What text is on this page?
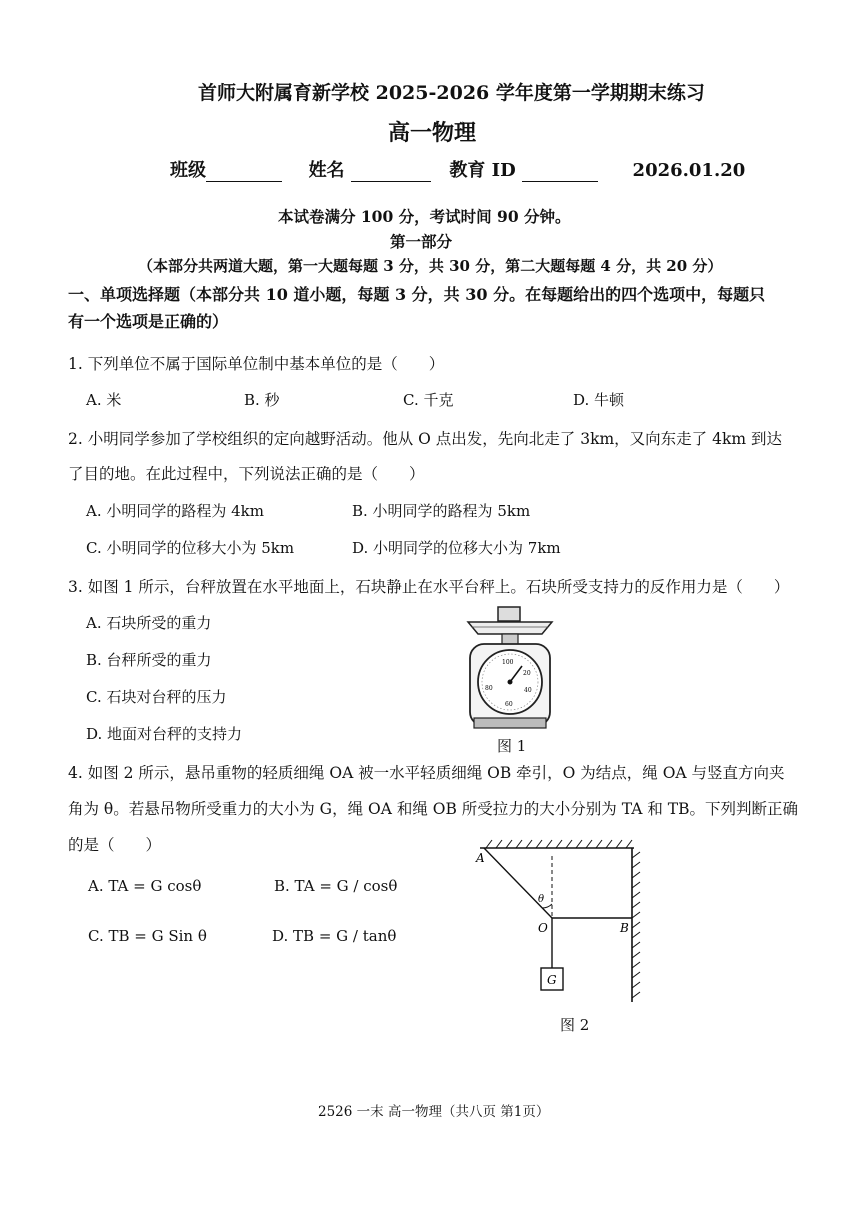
首师大附属育新学校 2025-2026 学年度第一学期期末练习
高一物理
班级	姓名	教育 ID	2026.01.20
本试卷满分 100 分，考试时间 90 分钟。
第一部分
（本部分共两道大题，第一大题每题 3 分，共 30 分，第二大题每题 4 分，共 20 分）
一、单项选择题（本部分共 10 道小题，每题 3 分，共 30 分。在每题给出的四个选项中，每题只
有一个选项是正确的）
1. 下列单位不属于国际单位制中基本单位的是（　　）
A. 米	B. 秒	C. 千克	D. 牛顿
2. 小明同学参加了学校组织的定向越野活动。他从 O 点出发，先向北走了 3km，又向东走了 4km 到达
了目的地。在此过程中，下列说法正确的是（　　）
A. 小明同学的路程为 4km	B. 小明同学的路程为 5km
C. 小明同学的位移大小为 5km	D. 小明同学的位移大小为 7km
3. 如图 1 所示，台秤放置在水平地面上，石块静止在水平台秤上。石块所受支持力的反作用力是（　　）
A. 石块所受的重力
B. 台秤所受的重力
C. 石块对台秤的压力
D. 地面对台秤的支持力
100
20
80	40
60
图 1
4. 如图 2 所示，悬吊重物的轻质细绳 OA 被一水平轻质细绳 OB 牵引，O 为结点，绳 OA 与竖直方向夹
角为 θ。若悬吊物所受重力的大小为 G，绳 OA 和绳 OB 所受拉力的大小分别为 TA 和 TB。下列判断正确
的是（　　）
A. TA = G cosθ	B. TA = G / cosθ
C. TB = G Sin θ	D. TB = G / tanθ
G
A
O	B
θ
图 2
2526 一末 高一物理（共八页 第1页）
